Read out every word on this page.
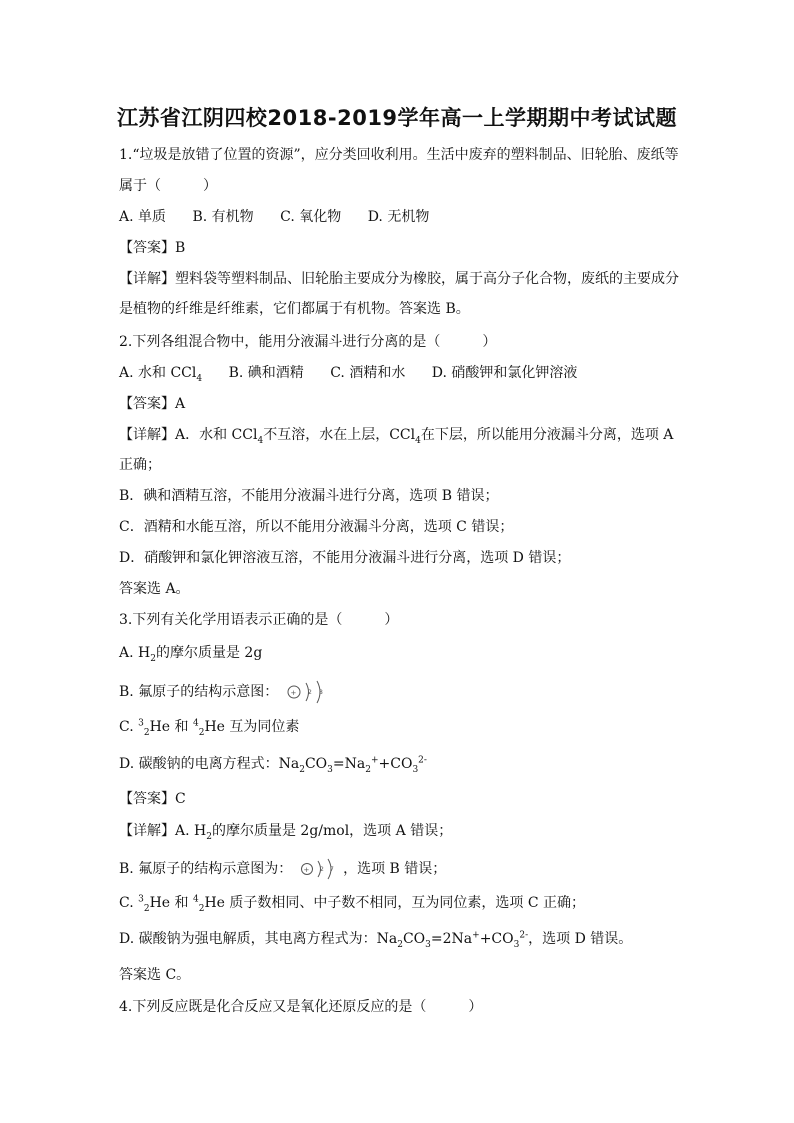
江苏省江阴四校2018-2019学年高一上学期期中考试试题
1.“垃圾是放错了位置的资源”，应分类回收利用。生活中废弃的塑料制品、旧轮胎、废纸等
属于（　　　）
A. 单质 B. 有机物 C. 氧化物 D. 无机物
【答案】B
【详解】塑料袋等塑料制品、旧轮胎主要成分为橡胶，属于高分子化合物，废纸的主要成分
是植物的纤维是纤维素，它们都属于有机物。答案选 B。
2.下列各组混合物中，能用分液漏斗进行分离的是（　　　）
A. 水和 CCl$_4$ B. 碘和酒精 C. 酒精和水 D. 硝酸钾和氯化钾溶液
【答案】A
【详解】A．水和 CCl$_4$不互溶，水在上层，CCl$_4$在下层，所以能用分液漏斗分离，选项 A
正确；
B．碘和酒精互溶，不能用分液漏斗进行分离，选项 B 错误；
C．酒精和水能互溶，所以不能用分液漏斗分离，选项 C 错误；
D．硝酸钾和氯化钾溶液互溶，不能用分液漏斗进行分离，选项 D 错误；
答案选 A。
3.下列有关化学用语表示正确的是（　　　）
A. $H_2$的摩尔质量是 2g
B. 氟原子的结构示意图： + 2 8
C. $^3_2$He 和 $^4_2$He 互为同位素
D. 碳酸钠的电离方程式：$Na_2CO_3=Na_2^++CO_3^{2-}$
【答案】C
【详解】A. $H_2$的摩尔质量是 2g/mol，选项 A 错误；
B. 氟原子的结构示意图为： + 2 7 ，选项 B 错误；
C. $^3_2$He 和 $^4_2$He 质子数相同、中子数不相同，互为同位素，选项 C 正确；
D. 碳酸钠为强电解质，其电离方程式为：$Na_2CO_3=2Na^++CO_3^{2-}$，选项 D 错误。
答案选 C。
4.下列反应既是化合反应又是氧化还原反应的是（　　　）
